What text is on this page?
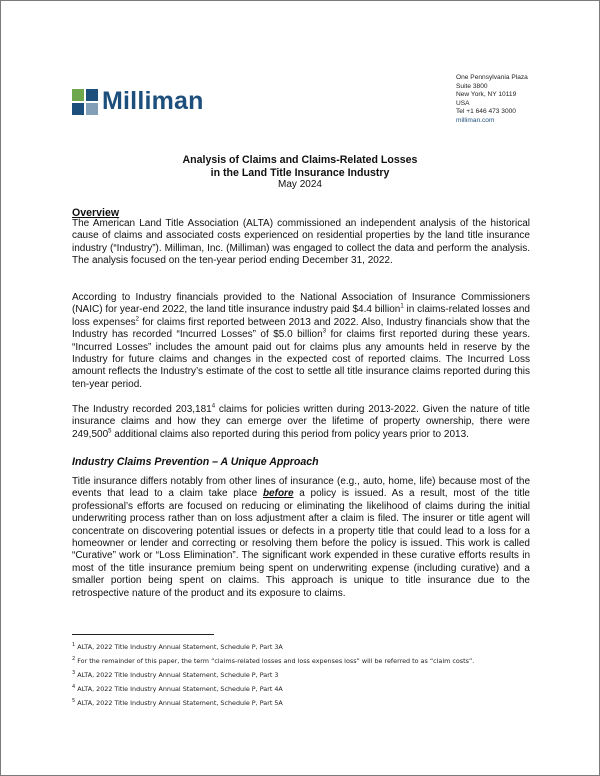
Milliman
One Pennsylvania Plaza
Suite 3800
New York, NY 10119
USA
Tel +1 646 473 3000
milliman.com
Analysis of Claims and Claims-Related Losses
in the Land Title Insurance Industry
May 2024
Overview

The American Land Title Association (ALTA) commissioned an independent analysis of the historical cause of claims and associated costs experienced on residential properties by the land title insurance industry (“Industry”). Milliman, Inc. (Milliman) was engaged to collect the data and perform the analysis. The analysis focused on the ten-year period ending December 31, 2022.

According to Industry financials provided to the National Association of Insurance Commissioners (NAIC) for year-end 2022, the land title insurance industry paid $4.4 billion$^1$ in claims-related losses and loss expenses$^2$ for claims first reported between 2013 and 2022. Also, Industry financials show that the Industry has recorded “Incurred Losses” of $5.0 billion$^3$ for claims first reported during these years. “Incurred Losses” includes the amount paid out for claims plus any amounts held in reserve by the Industry for future claims and changes in the expected cost of reported claims. The Incurred Loss amount reflects the Industry’s estimate of the cost to settle all title insurance claims reported during this ten-year period.

The Industry recorded 203,181$^4$ claims for policies written during 2013-2022. Given the nature of title insurance claims and how they can emerge over the lifetime of property ownership, there were 249,500$^5$ additional claims also reported during this period from policy years prior to 2013.

Industry Claims Prevention – A Unique Approach

Title insurance differs notably from other lines of insurance (e.g., auto, home, life) because most of the events that lead to a claim take place before a policy is issued. As a result, most of the title professional’s efforts are focused on reducing or eliminating the likelihood of claims during the initial underwriting process rather than on loss adjustment after a claim is filed. The insurer or title agent will concentrate on discovering potential issues or defects in a property title that could lead to a loss for a homeowner or lender and correcting or resolving them before the policy is issued. This work is called “Curative” work or “Loss Elimination”. The significant work expended in these curative efforts results in most of the title insurance premium being spent on underwriting expense (including curative) and a smaller portion being spent on claims. This approach is unique to title insurance due to the retrospective nature of the product and its exposure to claims.

$^1$ ALTA, 2022 Title Industry Annual Statement, Schedule P, Part 3A
$^2$ For the remainder of this paper, the term “claims-related losses and loss expenses loss” will be referred to as “claim costs”.
$^3$ ALTA, 2022 Title Industry Annual Statement, Schedule P, Part 3
$^4$ ALTA, 2022 Title Industry Annual Statement, Schedule P, Part 4A
$^5$ ALTA, 2022 Title Industry Annual Statement, Schedule P, Part 5A
